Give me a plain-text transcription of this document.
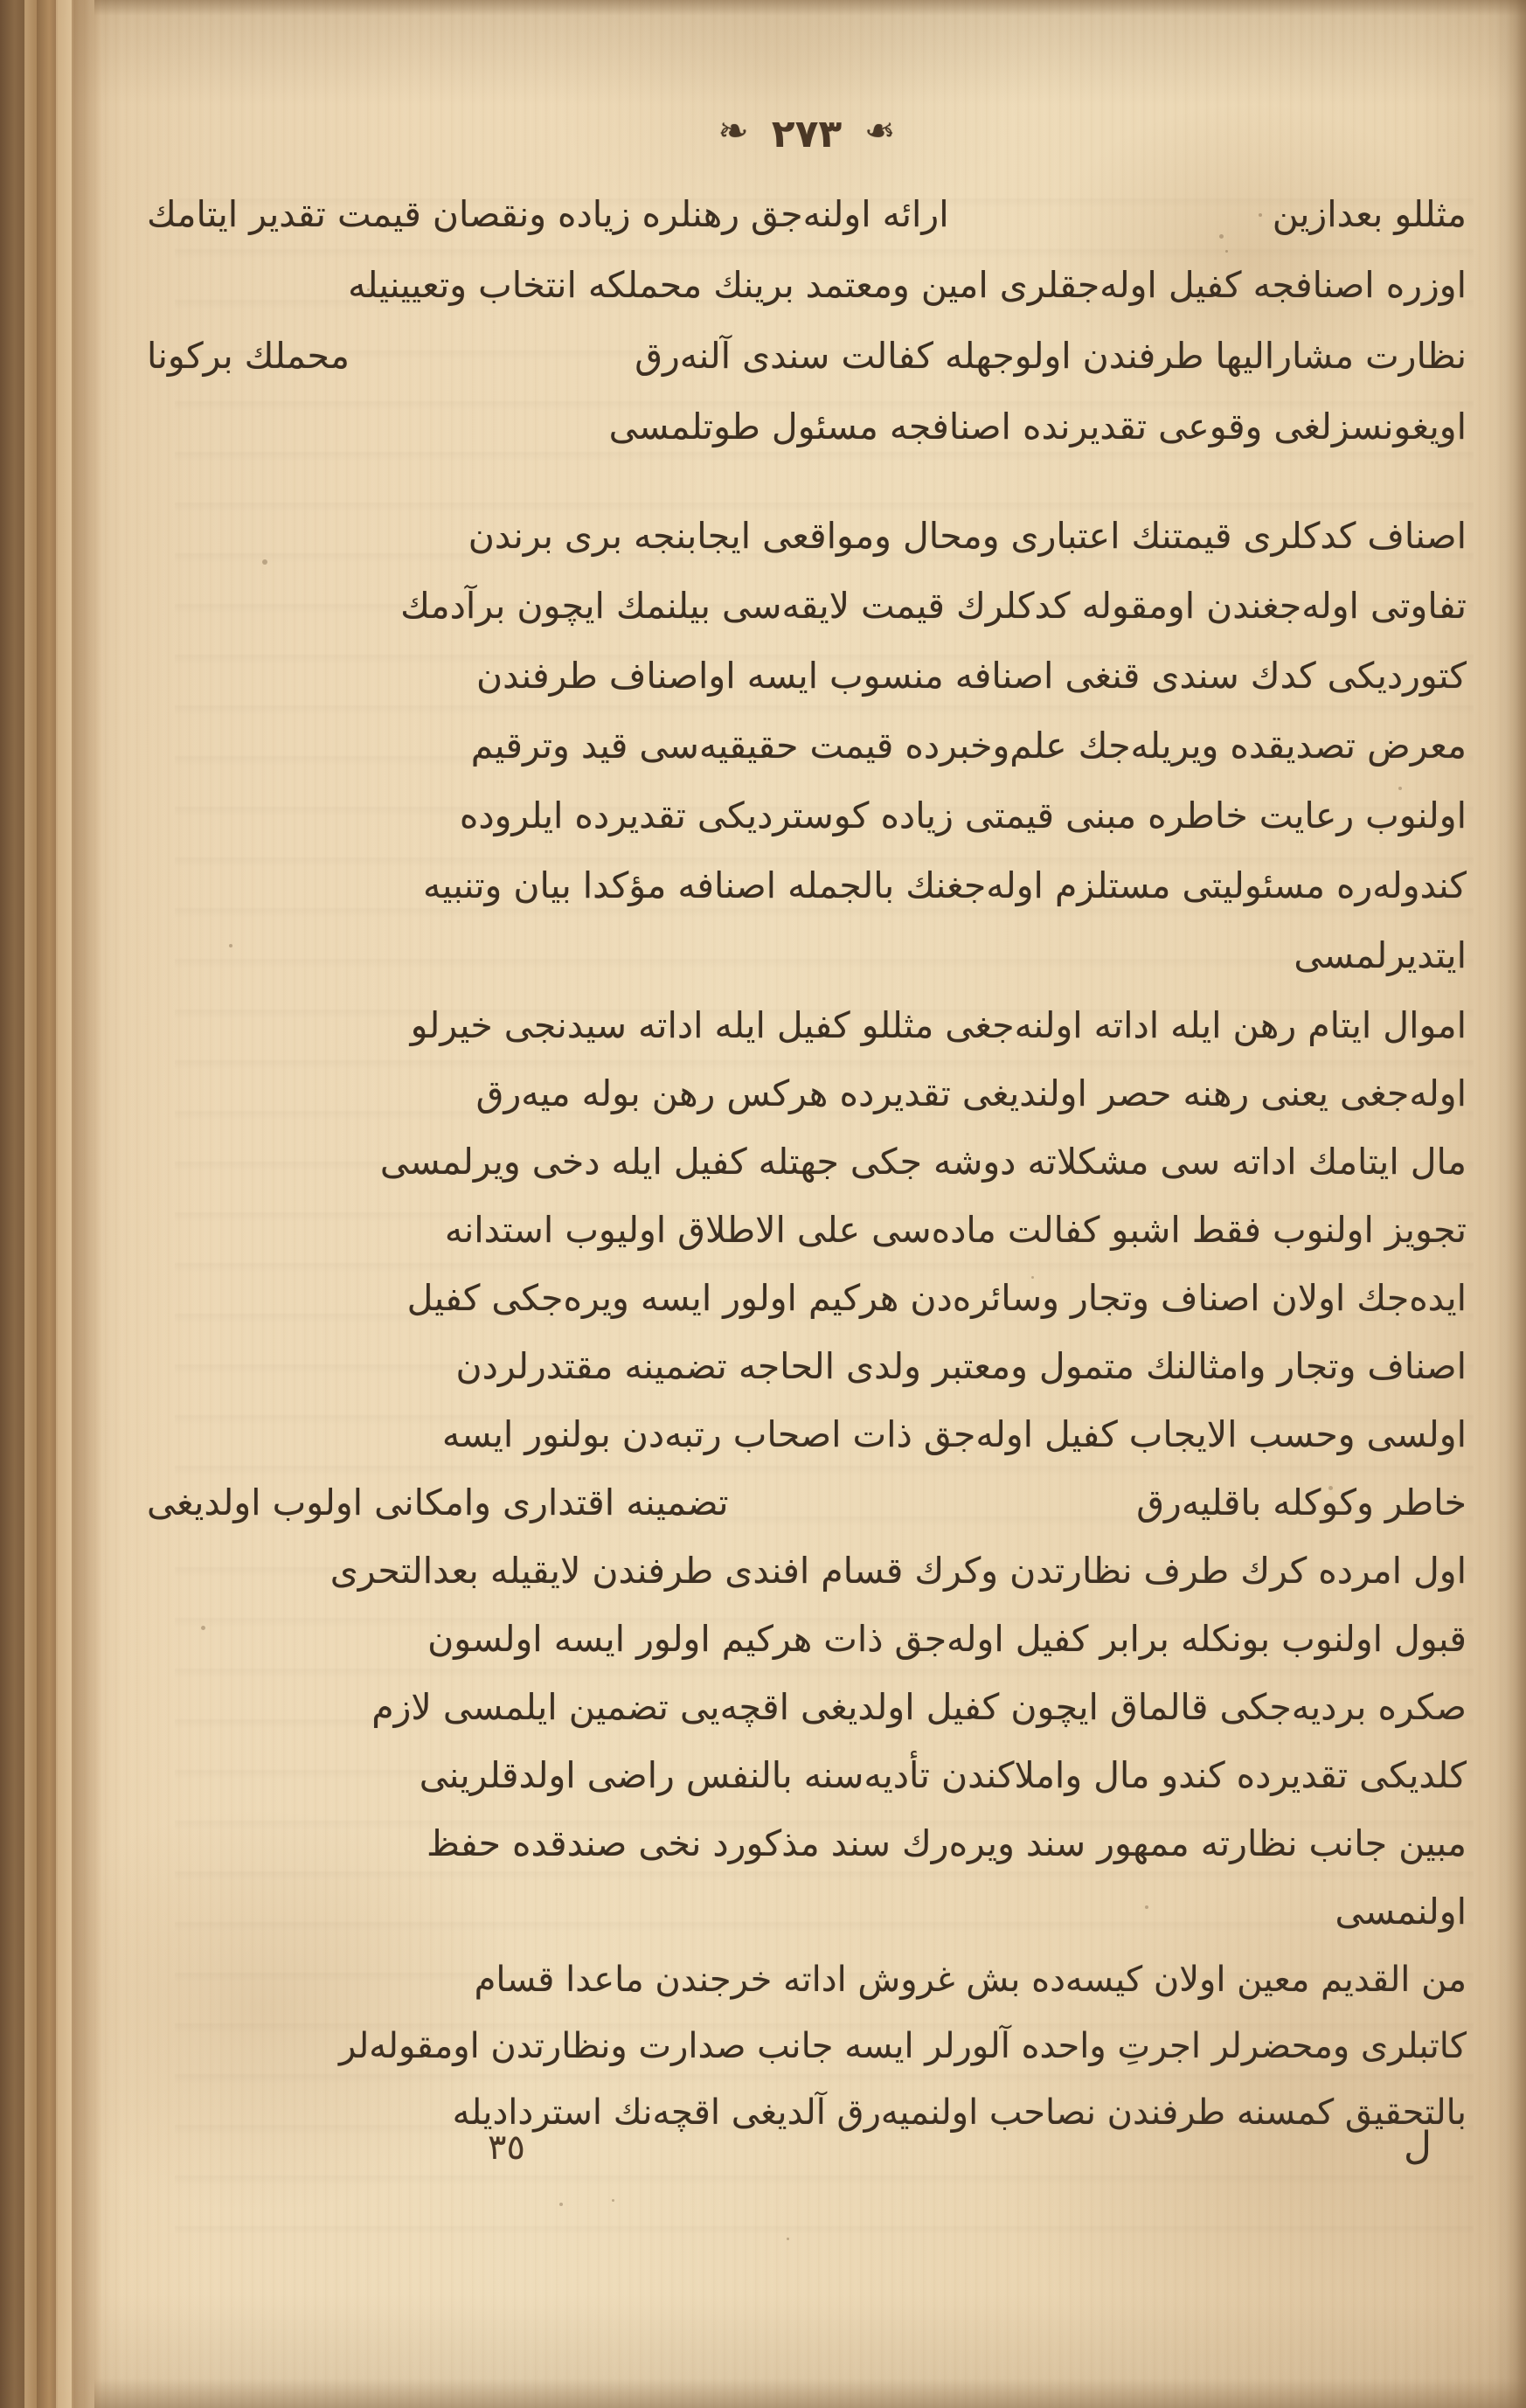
❧
٢٧٣
❧
مثللو بعدازين
ارائه اولنه‌جق رهنلره زیاده ونقصان قیمت تقدیر ایتامك
اوزره اصنافجه كفیل اولەجقلری امین ومعتمد برینك محملكه انتخاب وتعیینیله
نظارت مشارالیها طرفندن اولوجهله كفالت سندی آلنه‌رق
محملك بركونا
اویغونسزلغی وقوعی تقدیرنده اصنافجه مسئول طوتلمسی
اصناف كدكلری قیمتنك اعتباری ومحال ومواقعی ایجابنجه بری برندن
تفاوتی اولەجغندن اومقوله كدكلرك قیمت لایقه‌سی بیلنمك ایچون برآدمك
كتوردیكی كدك سندی قنغی اصنافه منسوب ایسه اواصناف طرفندن
معرض تصدیقده ویریله‌جك علم‌وخبرده قیمت حقیقیه‌سی قید وترقیم
اولنوب رعایت خاطره مبنی قیمتی زیاده كوستردیكی تقدیرده ایلروده
كندوله‌ره مسئولیتی مستلزم اولەجغنك بالجمله اصنافه مؤكدا بیان وتنبیه
ایتدیرلمسی
اموال ایتام رهن ایله اداته اولنه‌جغی مثللو كفیل ایله اداته سیدنجی خیرلو
اولەجغی یعنی رهنه حصر اولندیغی تقدیرده هركس رهن بوله میه‌رق
مال ایتامك اداته سی مشكلاته دوشه جكی جهتله كفیل ایله دخی ویرلمسی
تجویز اولنوب فقط اشبو كفالت ماده‌سی علی الاطلاق اولیوب استدانه
ایده‌جك اولان اصناف وتجار وسائره‌دن هركیم اولور ایسه ویره‌جكی كفیل
اصناف وتجار وامثالنك متمول ومعتبر ولدی الحاجه تضمینه مقتدرلردن
اولسی وحسب الایجاب كفیل اولەجق ذات اصحاب رتبه‌دن بولنور ایسه
خاطر وكوكله باقلیه‌رق
تضمینه اقتداری وامكانی اولوب اولدیغی
اول امرده كرك طرف نظارتدن وكرك قسام افندی طرفندن لایقیله بعدالتحری
قبول اولنوب بونكله برابر كفیل اولەجق ذات هركیم اولور ایسه اولسون
صكره بردیه‌جكی قالماق ایچون كفیل اولدیغی اقچه‌یی تضمین ایلمسی لازم
كلدیكی تقدیرده كندو مال واملاكندن تأدیه‌سنه بالنفس راضی اولدقلرینی
مبین جانب نظارته ممهور سند ویره‌رك سند مذكورد نخی صندقده حفظ
اولنمسی
من القدیم معین اولان كیسه‌ده بش غروش اداته خرجندن ماعدا قسام
كاتبلری ومحضرلر اجرتِ واحده آلورلر ایسه جانب صدارت ونظارتدن اومقوله‌لر
بالتحقیق كمسنه طرفندن نصاحب اولنمیه‌رق آلدیغی اقچه‌نك استردادیله
ل
٣٥
